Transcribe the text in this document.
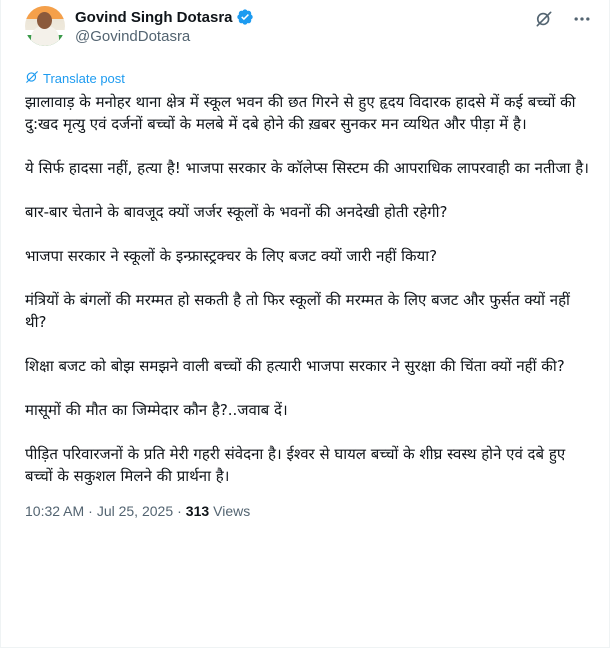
Govind Singh Dotasra
@GovindDotasra
Translate post

झालावाड़ के मनोहर थाना क्षेत्र में स्कूल भवन की छत गिरने से हुए हृदय विदारक हादसे में कई बच्चों की दु:खद मृत्यु एवं दर्जनों बच्चों के मलबे में दबे होने की ख़बर सुनकर मन व्यथित और पीड़ा में है।

ये सिर्फ हादसा नहीं, हत्या है! भाजपा सरकार के कॉलेप्स सिस्टम की आपराधिक लापरवाही का नतीजा है।

बार-बार चेताने के बावजूद क्यों जर्जर स्कूलों के भवनों की अनदेखी होती रहेगी?

भाजपा सरकार ने स्कूलों के इन्फ्रास्ट्रक्चर के लिए बजट क्यों जारी नहीं किया?

मंत्रियों के बंगलों की मरम्मत हो सकती है तो फिर स्कूलों की मरम्मत के लिए बजट और फुर्सत क्यों नहीं थी?

शिक्षा बजट को बोझ समझने वाली बच्चों की हत्यारी भाजपा सरकार ने सुरक्षा की चिंता क्यों नहीं की?

मासूमों की मौत का जिम्मेदार कौन है?..जवाब दें।

पीड़ित परिवारजनों के प्रति मेरी गहरी संवेदना है। ईश्वर से घायल बच्चों के शीघ्र स्वस्थ होने एवं दबे हुए बच्चों के सकुशल मिलने की प्रार्थना है।

10:32 AM · Jul 25, 2025 · 313 Views
